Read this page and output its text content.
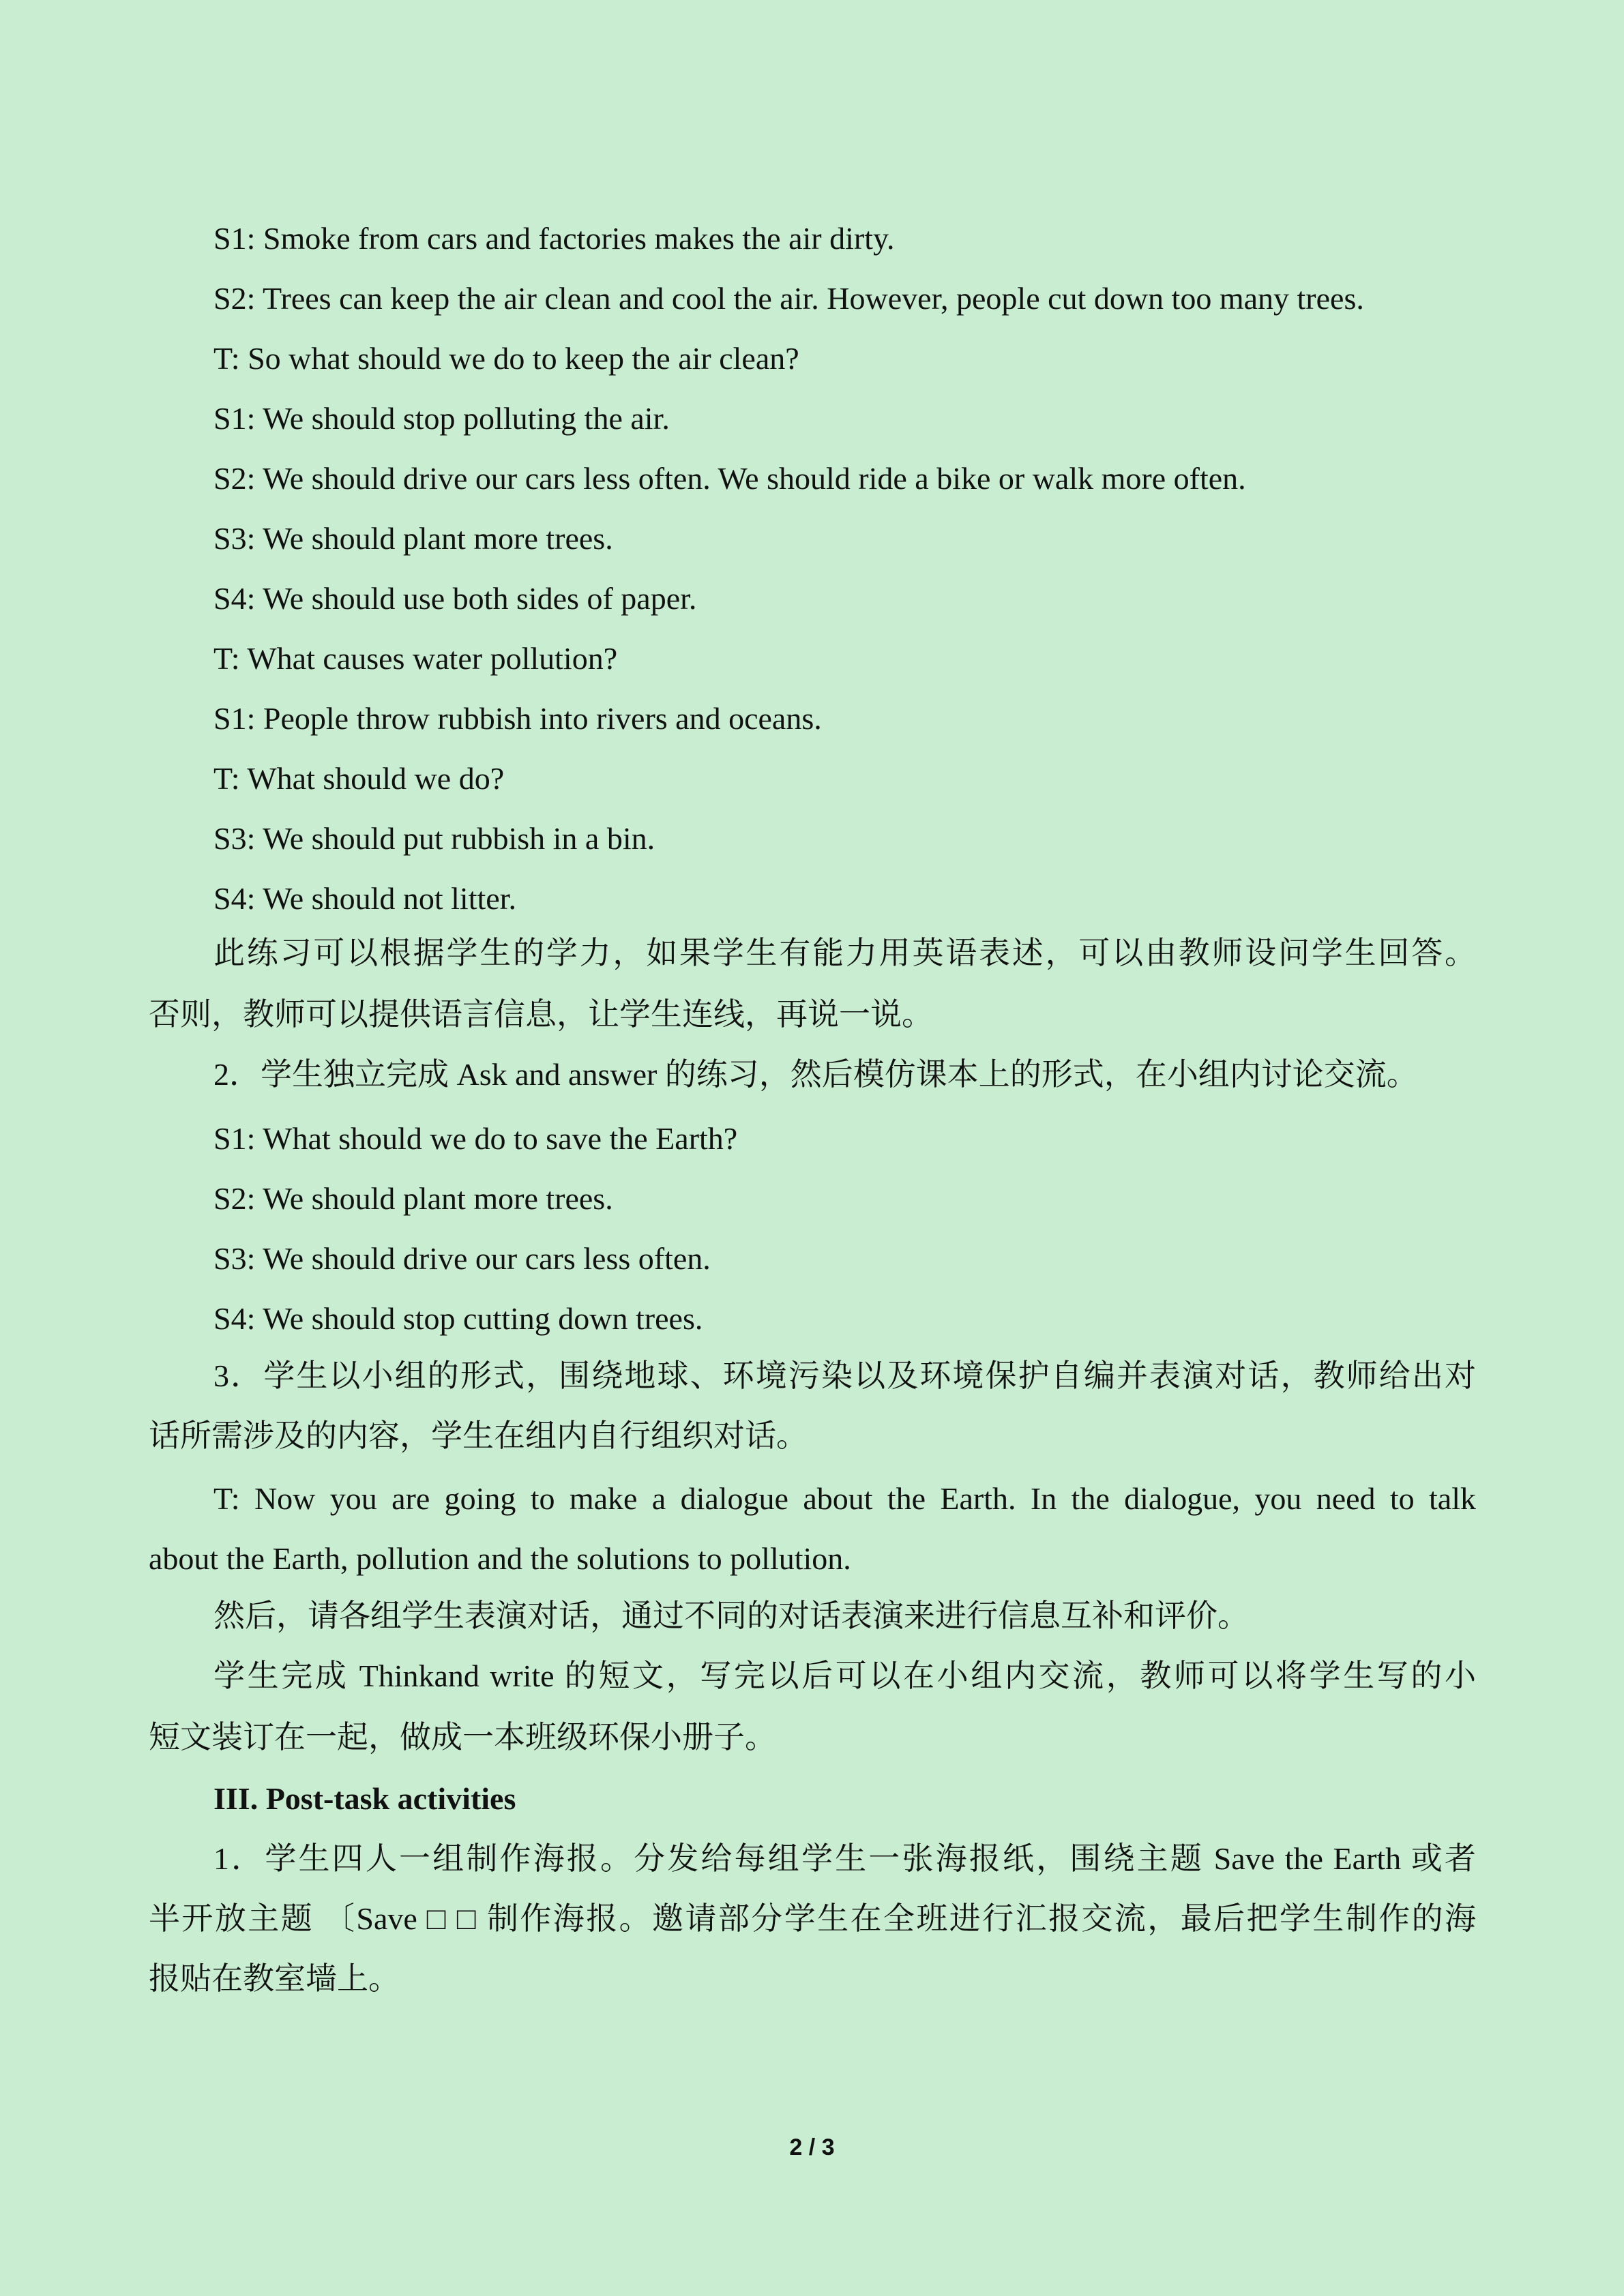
S1: Smoke from cars and factories makes the air dirty.
S2: Trees can keep the air clean and cool the air. However, people cut down too many trees.
T: So what should we do to keep the air clean?
S1: We should stop polluting the air.
S2: We should drive our cars less often. We should ride a bike or walk more often.
S3: We should plant more trees.
S4: We should use both sides of paper.
T: What causes water pollution?
S1: People throw rubbish into rivers and oceans.
T: What should we do?
S3: We should put rubbish in a bin.
S4: We should not litter.
此练习可以根据学生的学力，如果学生有能力用英语表述，可以由教师设问学生回答。
否则，教师可以提供语言信息，让学生连线，再说一说。
2．学生独立完成 Ask and answer 的练习，然后模仿课本上的形式，在小组内讨论交流。
S1: What should we do to save the Earth?
S2: We should plant more trees.
S3: We should drive our cars less often.
S4: We should stop cutting down trees.
3．学生以小组的形式，围绕地球、环境污染以及环境保护自编并表演对话，教师给出对
话所需涉及的内容，学生在组内自行组织对话。
T: Now you are going to make a dialogue about the Earth. In the dialogue, you need to talk
about the Earth, pollution and the solutions to pollution.
然后，请各组学生表演对话，通过不同的对话表演来进行信息互补和评价。
学生完成 Thinkand write 的短文，写完以后可以在小组内交流，教师可以将学生写的小
短文装订在一起，做成一本班级环保小册子。
III. Post-task activities
1．学生四人一组制作海报。分发给每组学生一张海报纸，围绕主题 Save the Earth 或者
半开放主题 〔Save □ □ 制作海报。邀请部分学生在全班进行汇报交流，最后把学生制作的海
报贴在教室墙上。
2 / 3
